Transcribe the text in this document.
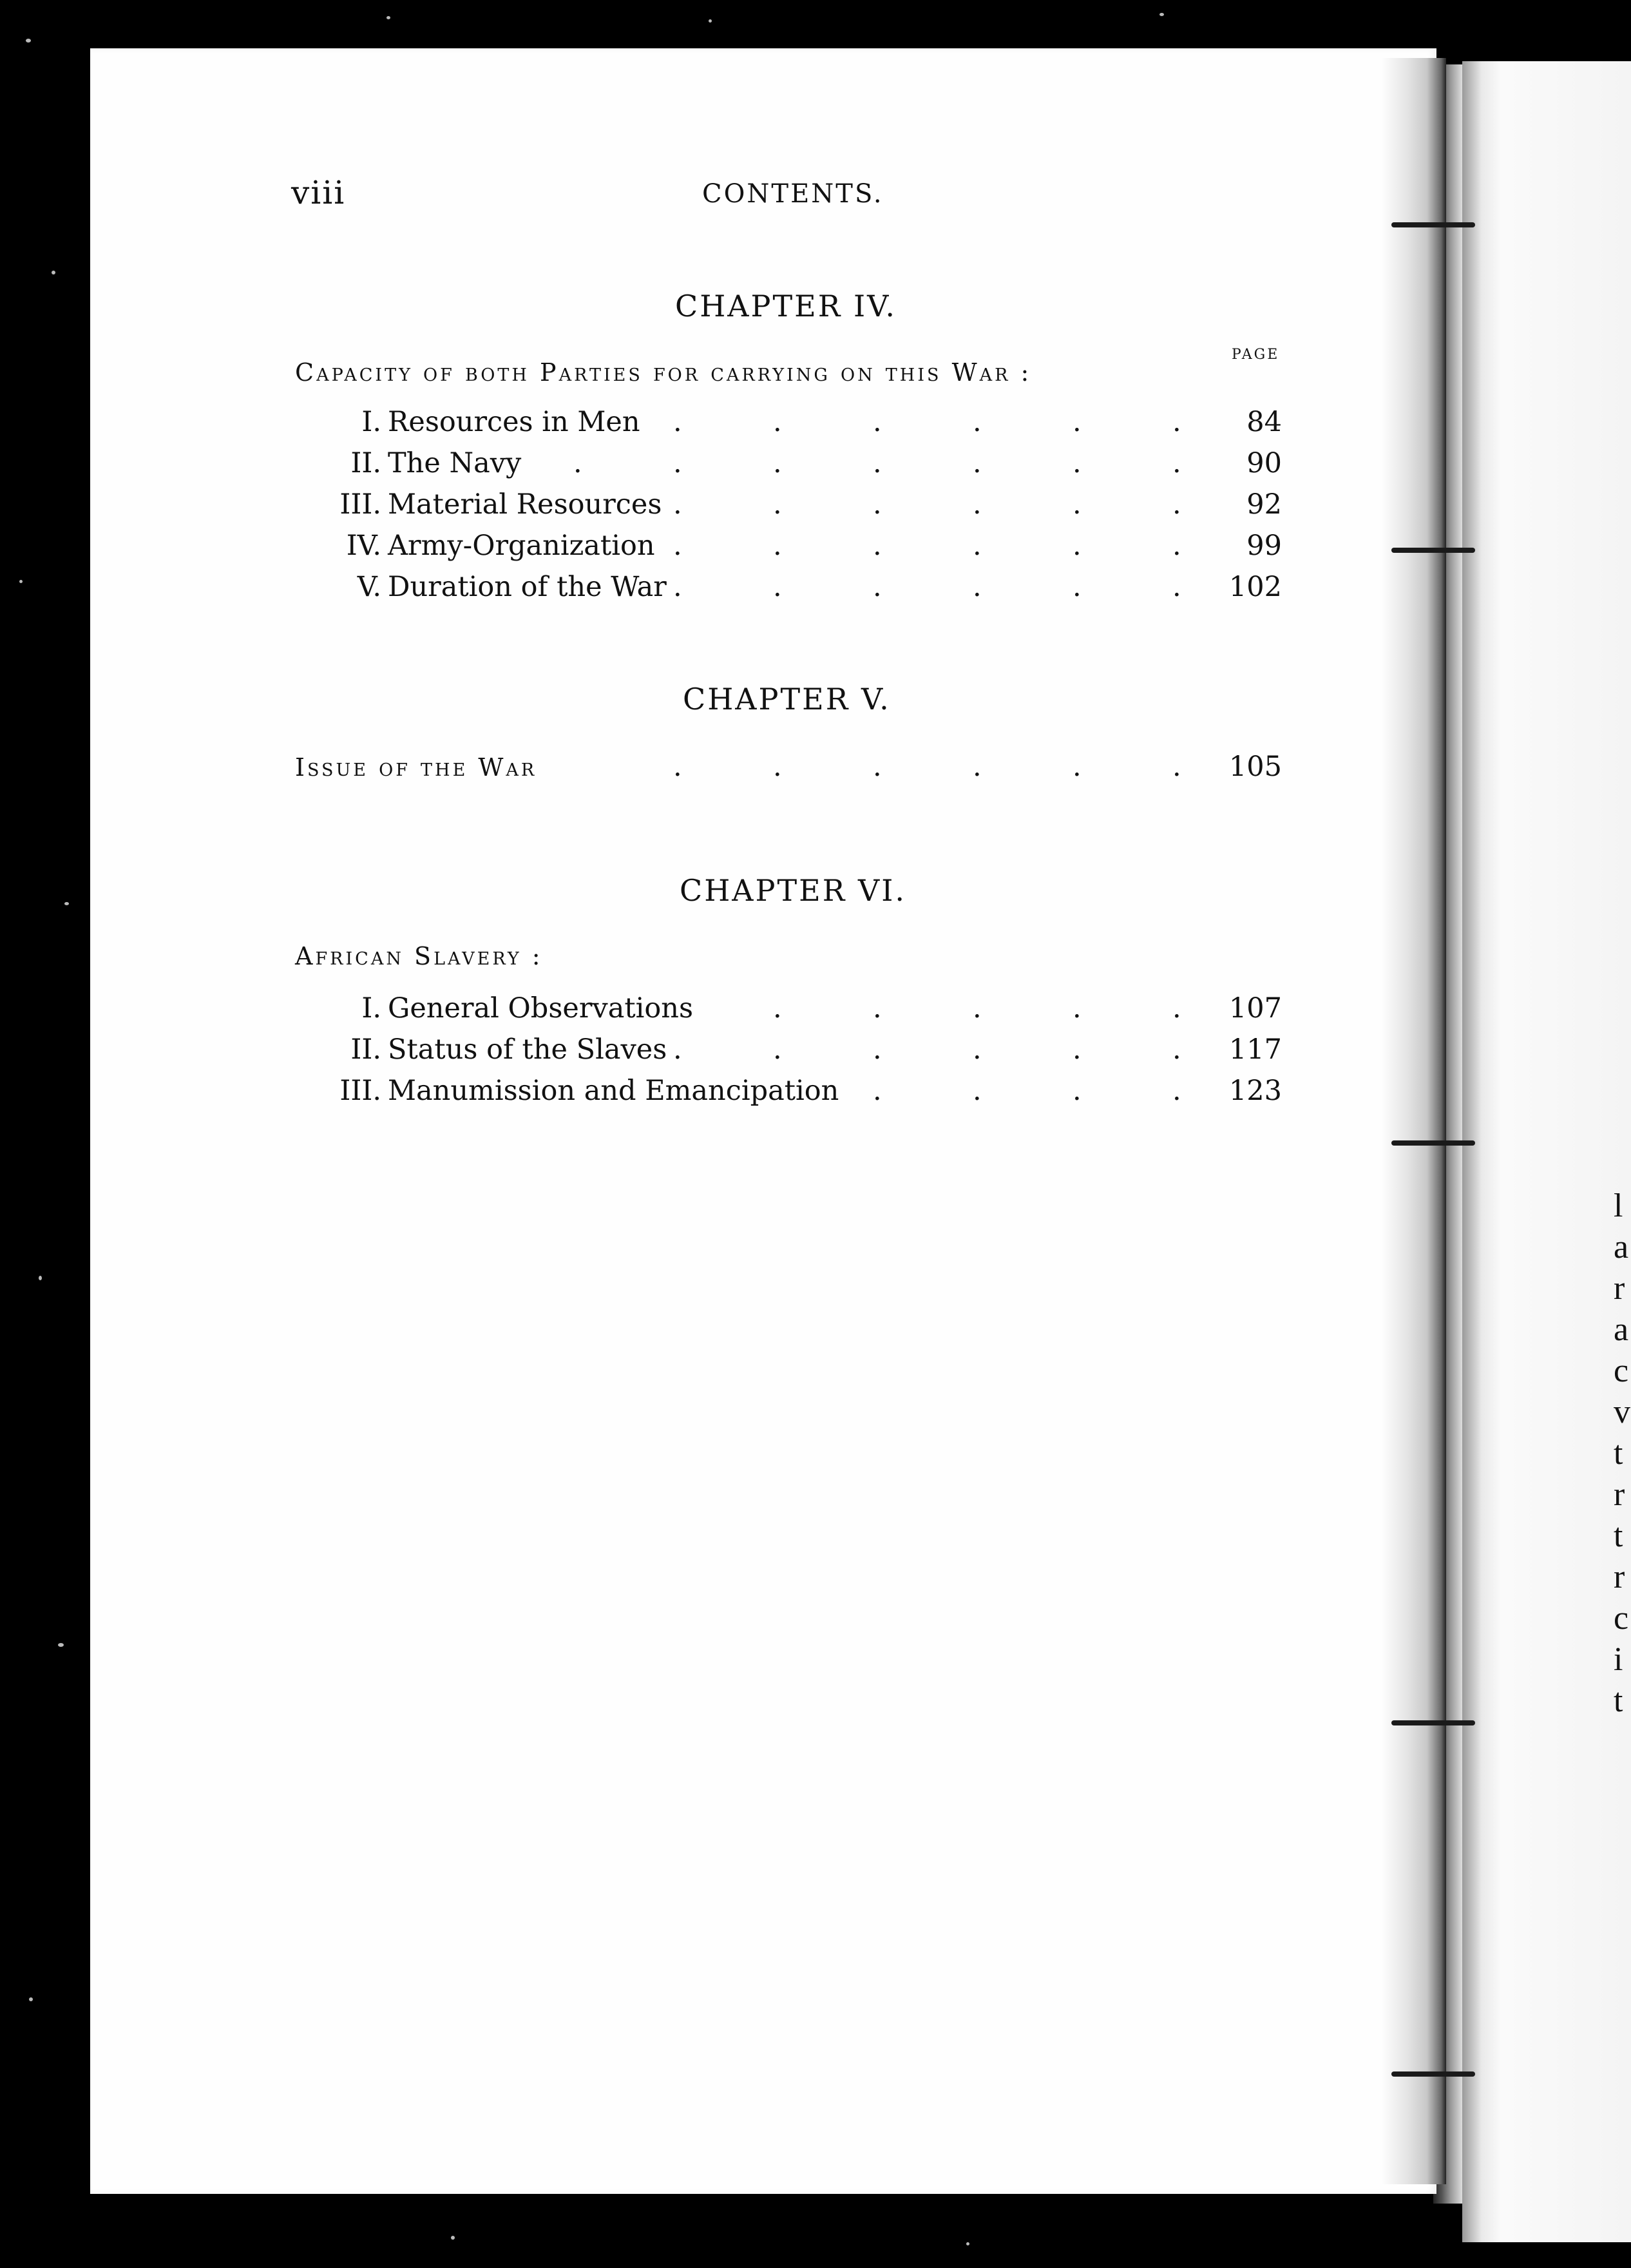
l
a
r
a
c
v
t
r
t
r
c
i
t
viii	CONTENTS.
CHAPTER IV.
PAGE
Capacity of both Parties for carrying on this War :
I. Resources in Men .	.	.	.	.	. 84
II. The Navy .	.	.	.	.	.	. 90
III. Material Resources .	.	.	.	.	. 92
IV. Army-Organization .	.	.	.	.	. 99
V. Duration of the War .	.	.	.	.	. 102
CHAPTER V.
Issue of the War	.	.	.	.	.	. 105
CHAPTER VI.
African Slavery :
I. General Observations	.	.	.	.	. 107
II. Status of the Slaves .	.	.	.	.	. 117
III. Manumission and Emancipation .	.	.	. 123
